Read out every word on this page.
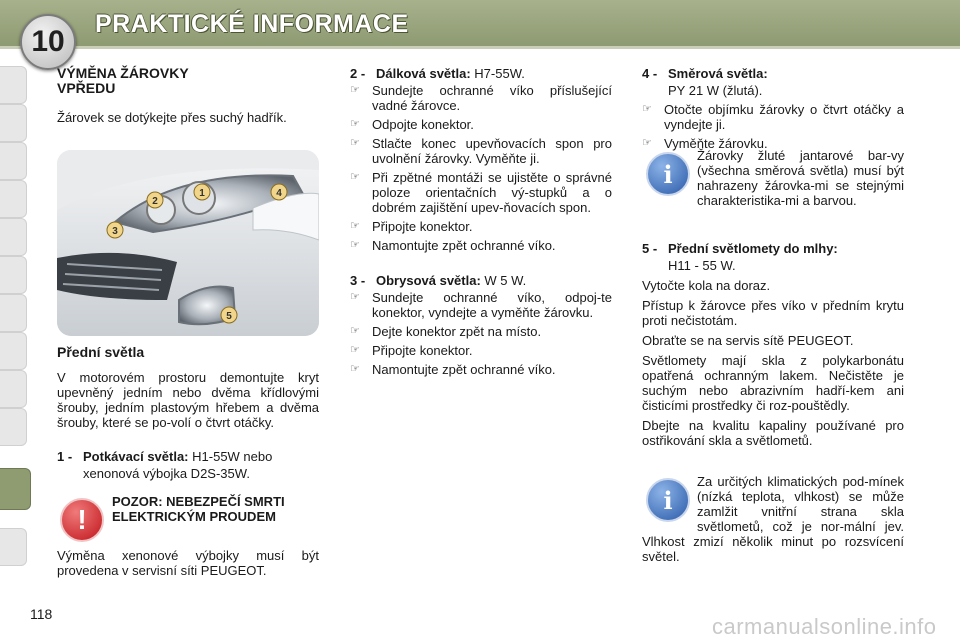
10
PRAKTICKÉ INFORMACE
VÝMĚNA ŽÁROVKY
VPŘEDU

Žárovek se dotýkejte přes suchý hadřík.

1
2
3
4
5
Přední světla

V motorovém prostoru demontujte kryt upevněný jedním nebo dvěma křídlovými šrouby, jedním plastovým hřebem a dvěma šrouby, které se po-volí o čtvrt otáčky.

1 - Potkávací světla: H1-55W nebo
xenonová výbojka D2S-35W.
!
POZOR: NEBEZPEČÍ SMRTI ELEKTRICKÝM PROUDEM
Výměna xenonové výbojky musí být provedena v servisní síti PEUGEOT.
2 - Dálková světla: H7-55W.
☞ Sundejte ochranné víko příslušející vadné žárovce.
☞ Odpojte konektor.
☞ Stlačte konec upevňovacích spon pro uvolnění žárovky. Vyměňte ji.
☞ Při zpětné montáži se ujistěte o správné poloze orientačních vý-stupků a o dobrém zajištění upev-ňovacích spon.
☞ Připojte konektor.
☞ Namontujte zpět ochranné víko.
3 - Obrysová světla: W 5 W.
☞ Sundejte ochranné víko, odpoj-te konektor, vyndejte a vyměňte žárovku.
☞ Dejte konektor zpět na místo.
☞ Připojte konektor.
☞ Namontujte zpět ochranné víko.
4 - Směrová světla:
PY 21 W (žlutá).
☞ Otočte objímku žárovky o čtvrt otáčky a vyndejte ji.
☞ Vyměňte žárovku.
i
Žárovky žluté jantarové bar-vy (všechna směrová světla) musí být nahrazeny žárovka-mi se stejnými charakteristika-mi a barvou.
5 - Přední světlomety do mlhy:
H11 - 55 W.

Vytočte kola na doraz.

Přístup k žárovce přes víko v předním krytu proti nečistotám.

Obraťte se na servis sítě PEUGEOT.

Světlomety mají skla z polykarbonátu opatřená ochranným lakem. Nečistěte je suchým nebo abrazivním hadří-kem ani čisticími prostředky či roz-pouštědly.

Dbejte na kvalitu kapaliny používané pro ostřikování skla a světlometů.

i
Za určitých klimatických pod-mínek (nízká teplota, vlhkost) se může zamlžit vnitřní strana skla světlometů, což je nor-mální jev. Vlhkost zmizí několik minut po rozsvícení světel.
118	carmanualsonline.info
